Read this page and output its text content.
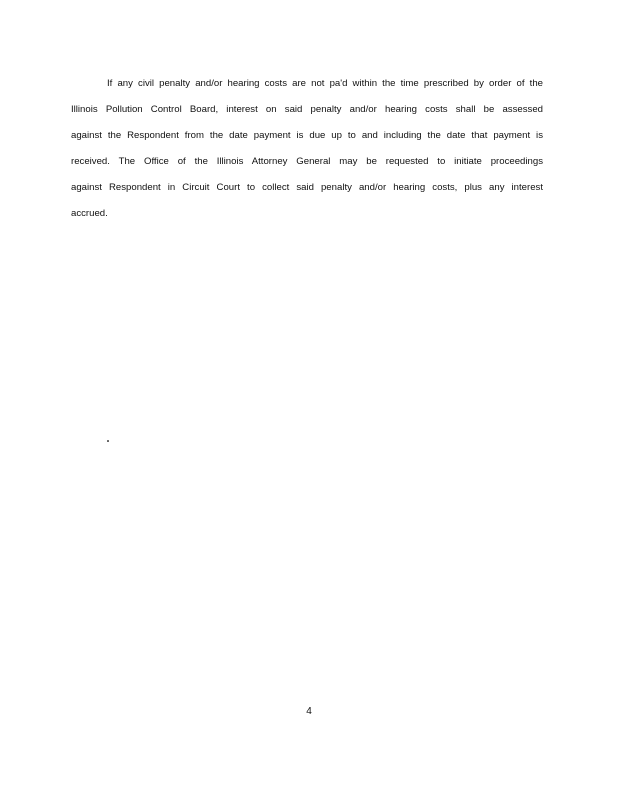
If any civil penalty and/or hearing costs are not pa'd within the time prescribed by order of the
Illinois Pollution Control Board, interest on said penalty and/or hearing costs shall be assessed
against the Respondent from the date payment is due up to and including the date that payment is
received. The Office of the Illinois Attorney General may be requested to initiate proceedings
against Respondent in Circuit Court to collect said penalty and/or hearing costs, plus any interest
accrued.
4
